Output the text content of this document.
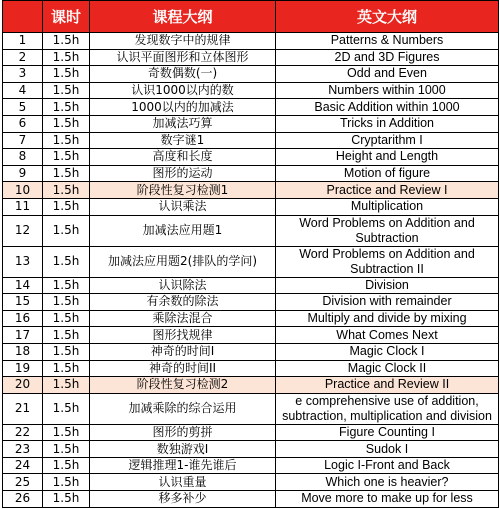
	课时	课程大纲	英文大纲
1	1.5h	发现数字中的规律	Patterns & Numbers
2	1.5h	认识平面图形和立体图形	2D and 3D Figures
3	1.5h	奇数偶数(一)	Odd and Even
4	1.5h	认识1000以内的数	Numbers within 1000
5	1.5h	1000以内的加减法	Basic Addition within 1000
6	1.5h	加减法巧算	Tricks in Addition
7	1.5h	数字谜1	Cryptarithm I
8	1.5h	高度和长度	Height and Length
9	1.5h	图形的运动	Motion of figure
10	1.5h	阶段性复习检测1	Practice and Review I
11	1.5h	认识乘法	Multiplication
12	1.5h	加减法应用题1	Word Problems on Addition and Subtraction
13	1.5h	加减法应用题2(排队的学问)	Word Problems on Addition and Subtraction II
14	1.5h	认识除法	Division
15	1.5h	有余数的除法	Division with remainder
16	1.5h	乘除法混合	Multiply and divide by mixing
17	1.5h	图形找规律	What Comes Next
18	1.5h	神奇的时间I	Magic Clock I
19	1.5h	神奇的时间II	Magic Clock II
20	1.5h	阶段性复习检测2	Practice and Review II
21	1.5h	加减乘除的综合运用	e comprehensive use of addition, subtraction, multiplication and division
22	1.5h	图形的剪拼	Figure Counting I
23	1.5h	数独游戏I	Sudok I
24	1.5h	逻辑推理1-谁先谁后	Logic I-Front and Back
25	1.5h	认识重量	Which one is heavier?
26	1.5h	移多补少	Move more to make up for less
